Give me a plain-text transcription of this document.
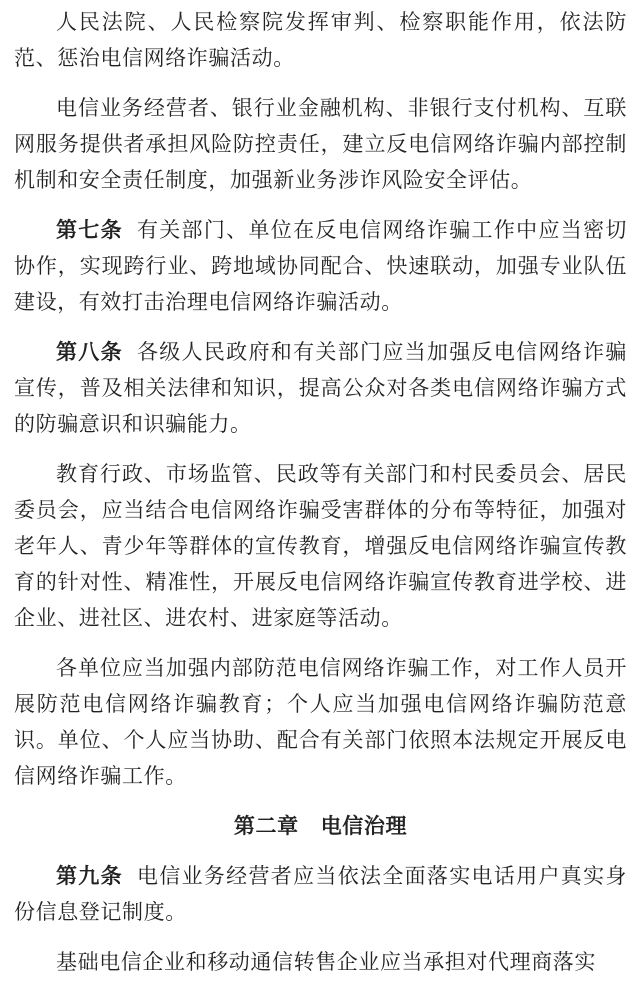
人民法院、人民检察院发挥审判、检察职能作用，依法防范、惩治电信网络诈骗活动。

电信业务经营者、银行业金融机构、非银行支付机构、互联网服务提供者承担风险防控责任，建立反电信网络诈骗内部控制机制和安全责任制度，加强新业务涉诈风险安全评估。

第七条 有关部门、单位在反电信网络诈骗工作中应当密切协作，实现跨行业、跨地域协同配合、快速联动，加强专业队伍建设，有效打击治理电信网络诈骗活动。

第八条 各级人民政府和有关部门应当加强反电信网络诈骗宣传，普及相关法律和知识，提高公众对各类电信网络诈骗方式的防骗意识和识骗能力。

教育行政、市场监管、民政等有关部门和村民委员会、居民委员会，应当结合电信网络诈骗受害群体的分布等特征，加强对老年人、青少年等群体的宣传教育，增强反电信网络诈骗宣传教育的针对性、精准性，开展反电信网络诈骗宣传教育进学校、进企业、进社区、进农村、进家庭等活动。

各单位应当加强内部防范电信网络诈骗工作，对工作人员开展防范电信网络诈骗教育；个人应当加强电信网络诈骗防范意识。单位、个人应当协助、配合有关部门依照本法规定开展反电信网络诈骗工作。

第二章 电信治理

第九条 电信业务经营者应当依法全面落实电话用户真实身份信息登记制度。

基础电信企业和移动通信转售企业应当承担对代理商落实
